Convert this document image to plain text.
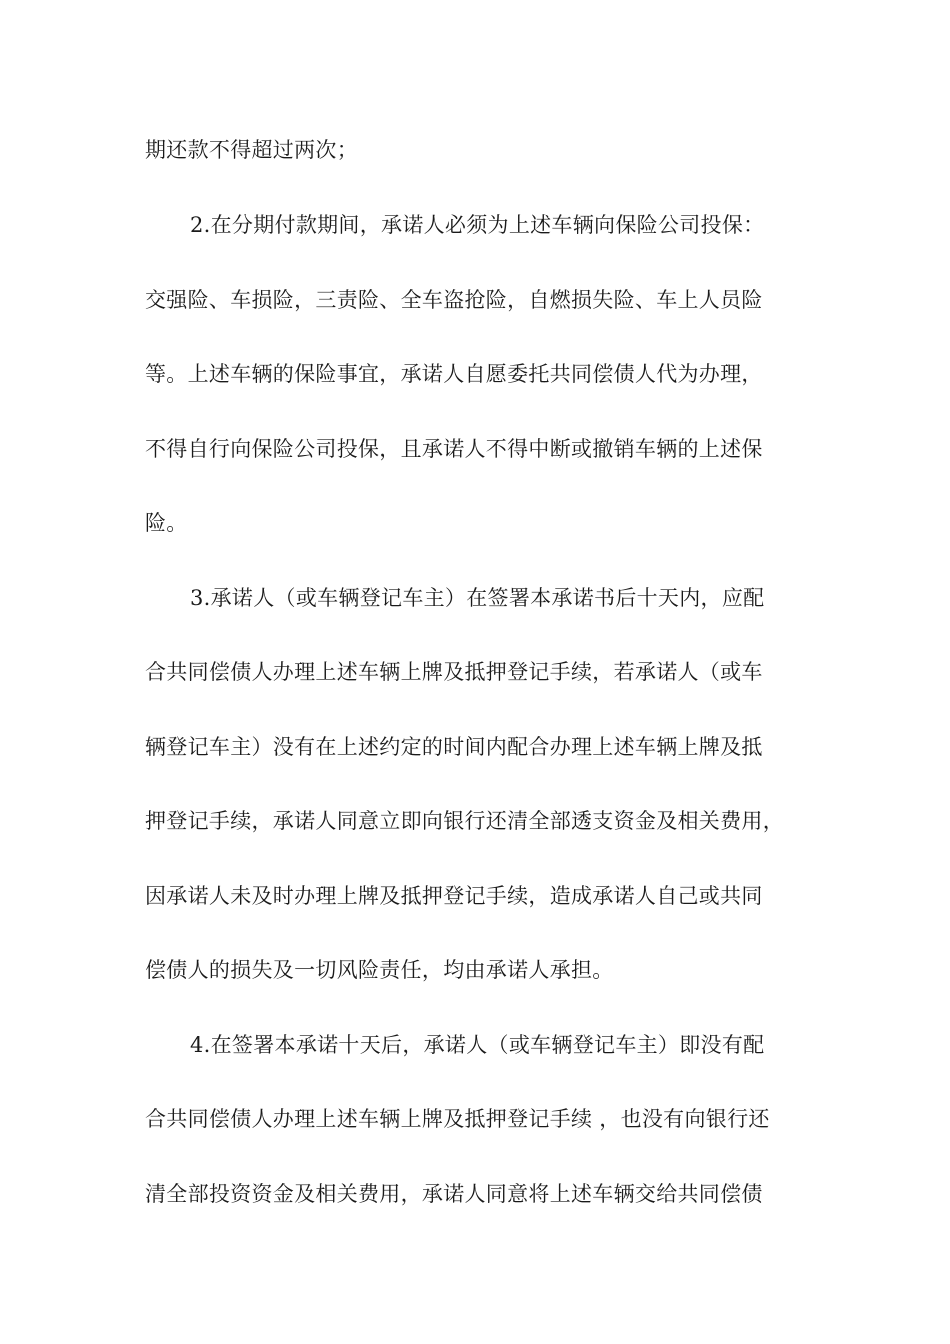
期还款不得超过两次；

2.在分期付款期间，承诺人必须为上述车辆向保险公司投保：

交强险、车损险，三责险、全车盗抢险，自燃损失险、车上人员险

等。上述车辆的保险事宜，承诺人自愿委托共同偿债人代为办理，

不得自行向保险公司投保，且承诺人不得中断或撤销车辆的上述保

险。

3.承诺人（或车辆登记车主）在签署本承诺书后十天内，应配

合共同偿债人办理上述车辆上牌及抵押登记手续，若承诺人（或车

辆登记车主）没有在上述约定的时间内配合办理上述车辆上牌及抵

押登记手续，承诺人同意立即向银行还清全部透支资金及相关费用，

因承诺人未及时办理上牌及抵押登记手续，造成承诺人自己或共同

偿债人的损失及一切风险责任，均由承诺人承担。

4.在签署本承诺十天后，承诺人（或车辆登记车主）即没有配

合共同偿债人办理上述车辆上牌及抵押登记手续 ，也没有向银行还

清全部投资资金及相关费用，承诺人同意将上述车辆交给共同偿债
